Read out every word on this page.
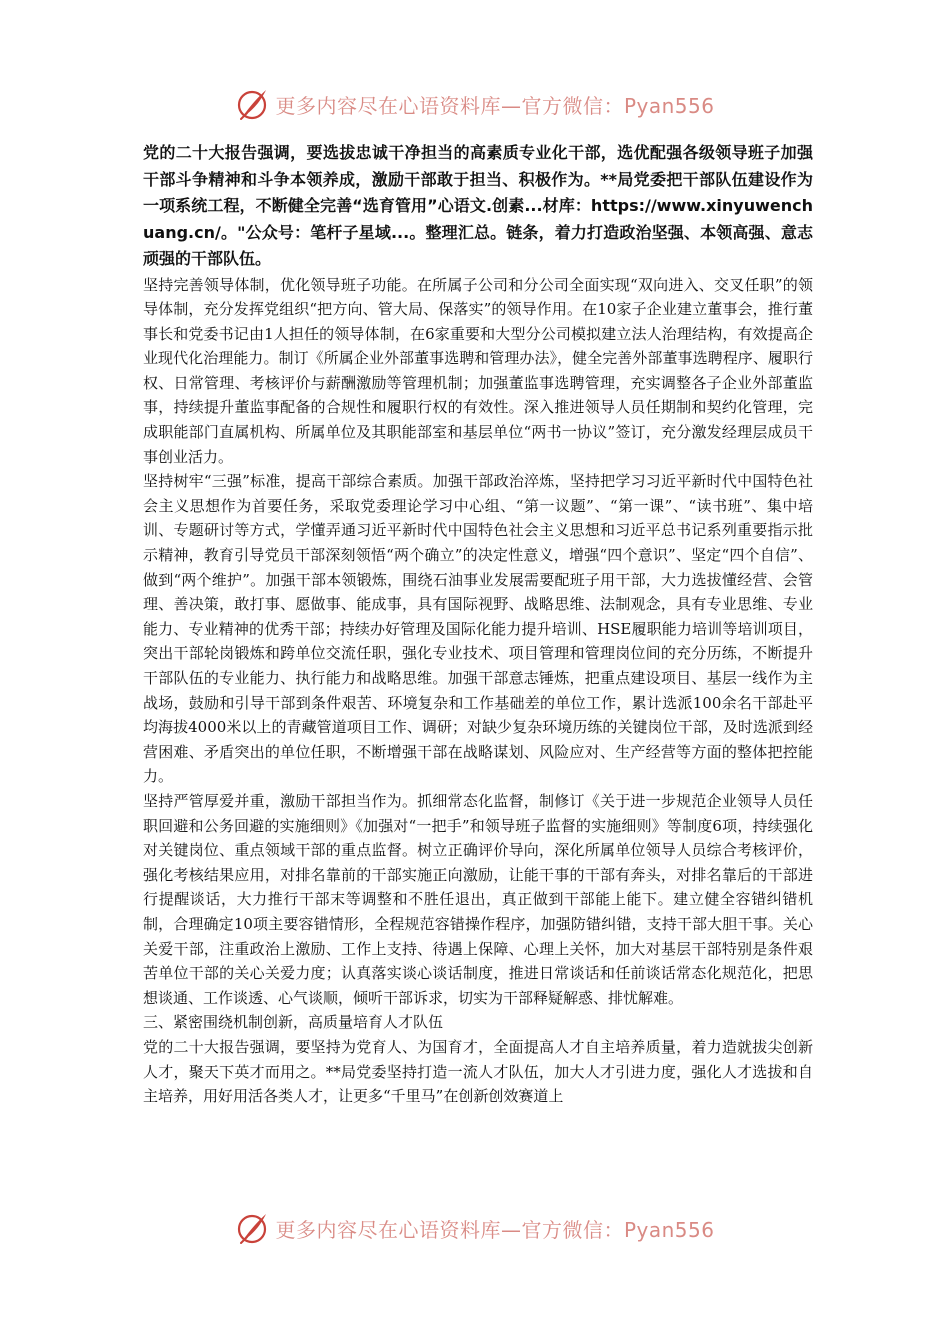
更多内容尽在心语资料库—官方微信：Pyan556

党的二十大报告强调，要选拔忠诚干净担当的高素质专业化干部，选优配强各级领导班子加强干部斗争精神和斗争本领养成，激励干部敢于担当、积极作为。**局党委把干部队伍建设作为一项系统工程，不断健全完善“选育管用”心语文.创素...材库：https://www.xinyuwenchuang.cn/。"公众号：笔杆子星域...。整理汇总。链条，着力打造政治坚强、本领高强、意志顽强的干部队伍。

坚持完善领导体制，优化领导班子功能。在所属子公司和分公司全面实现“双向进入、交叉任职”的领导体制，充分发挥党组织“把方向、管大局、保落实”的领导作用。在10家子企业建立董事会，推行董事长和党委书记由1人担任的领导体制，在6家重要和大型分公司模拟建立法人治理结构，有效提高企业现代化治理能力。制订《所属企业外部董事选聘和管理办法》，健全完善外部董事选聘程序、履职行权、日常管理、考核评价与薪酬激励等管理机制；加强董监事选聘管理，充实调整各子企业外部董监事，持续提升董监事配备的合规性和履职行权的有效性。深入推进领导人员任期制和契约化管理，完成职能部门直属机构、所属单位及其职能部室和基层单位“两书一协议”签订，充分激发经理层成员干事创业活力。

坚持树牢“三强”标准，提高干部综合素质。加强干部政治淬炼，坚持把学习习近平新时代中国特色社会主义思想作为首要任务，采取党委理论学习中心组、“第一议题”、“第一课”、“读书班”、集中培训、专题研讨等方式，学懂弄通习近平新时代中国特色社会主义思想和习近平总书记系列重要指示批示精神，教育引导党员干部深刻领悟“两个确立”的决定性意义，增强“四个意识”、坚定“四个自信”、做到“两个维护”。加强干部本领锻炼，围绕石油事业发展需要配班子用干部，大力选拔懂经营、会管理、善决策，敢打事、愿做事、能成事，具有国际视野、战略思维、法制观念，具有专业思维、专业能力、专业精神的优秀干部；持续办好管理及国际化能力提升培训、HSE履职能力培训等培训项目，突出干部轮岗锻炼和跨单位交流任职，强化专业技术、项目管理和管理岗位间的充分历练，不断提升干部队伍的专业能力、执行能力和战略思维。加强干部意志锤炼，把重点建设项目、基层一线作为主战场，鼓励和引导干部到条件艰苦、环境复杂和工作基础差的单位工作，累计选派100余名干部赴平均海拔4000米以上的青藏管道项目工作、调研；对缺少复杂环境历练的关键岗位干部，及时选派到经营困难、矛盾突出的单位任职，不断增强干部在战略谋划、风险应对、生产经营等方面的整体把控能力。

坚持严管厚爱并重，激励干部担当作为。抓细常态化监督，制修订《关于进一步规范企业领导人员任职回避和公务回避的实施细则》《加强对“一把手”和领导班子监督的实施细则》等制度6项，持续强化对关键岗位、重点领域干部的重点监督。树立正确评价导向，深化所属单位领导人员综合考核评价，强化考核结果应用，对排名靠前的干部实施正向激励，让能干事的干部有奔头，对排名靠后的干部进行提醒谈话，大力推行干部末等调整和不胜任退出，真正做到干部能上能下。建立健全容错纠错机制，合理确定10项主要容错情形，全程规范容错操作程序，加强防错纠错，支持干部大胆干事。关心关爱干部，注重政治上激励、工作上支持、待遇上保障、心理上关怀，加大对基层干部特别是条件艰苦单位干部的关心关爱力度；认真落实谈心谈话制度，推进日常谈话和任前谈话常态化规范化，把思想谈通、工作谈透、心气谈顺，倾听干部诉求，切实为干部释疑解惑、排忧解难。

三、紧密围绕机制创新，高质量培育人才队伍

党的二十大报告强调，要坚持为党育人、为国育才，全面提高人才自主培养质量，着力造就拔尖创新人才，聚天下英才而用之。**局党委坚持打造一流人才队伍，加大人才引进力度，强化人才选拔和自主培养，用好用活各类人才，让更多“千里马”在创新创效赛道上

更多内容尽在心语资料库—官方微信：Pyan556
